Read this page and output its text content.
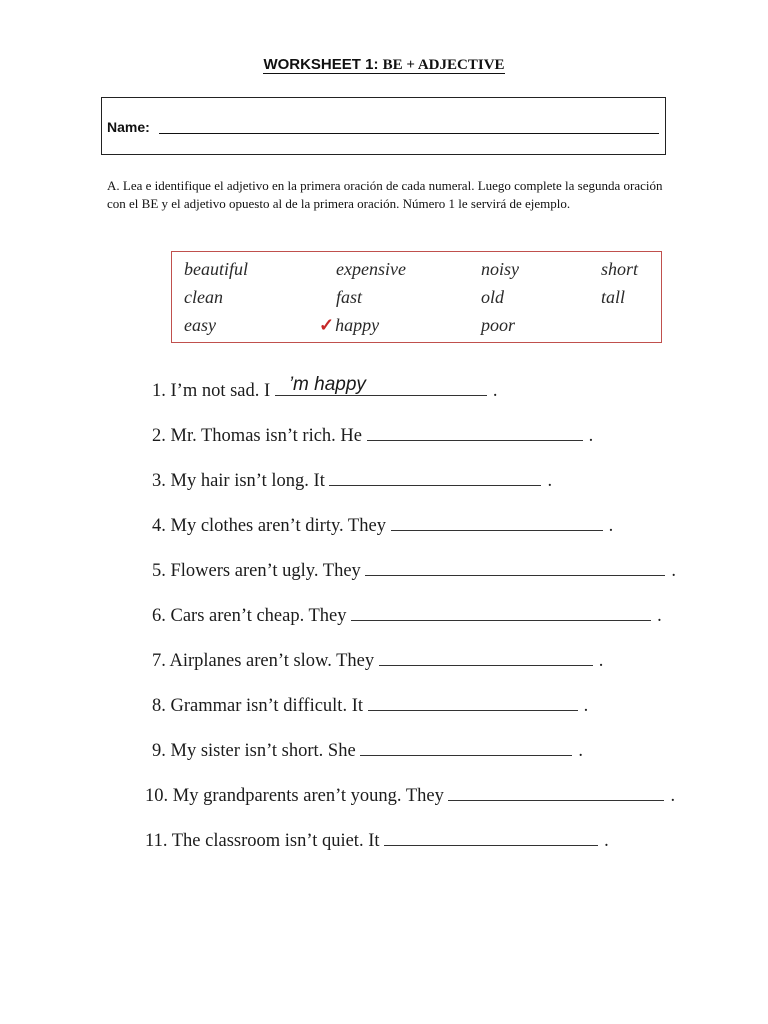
WORKSHEET 1: BE + ADJECTIVE
Name:
A. Lea e identifique el adjetivo en la primera oración de cada numeral. Luego complete la segunda oración con el BE y el adjetivo opuesto al de la primera oración. Número 1 le servirá de ejemplo.
beautiful	expensive	noisy	short
clean	fast	old	tall
easy	✓happy	poor
1. I’m not sad. I ’m happy	.
2. Mr. Thomas isn’t rich. He	.
3. My hair isn’t long. It	.
4. My clothes aren’t dirty. They	.
5. Flowers aren’t ugly. They	.
6. Cars aren’t cheap. They	.
7. Airplanes aren’t slow. They	.
8. Grammar isn’t difficult. It	.
9. My sister isn’t short. She	.
10. My grandparents aren’t young. They	.
11. The classroom isn’t quiet. It	.
